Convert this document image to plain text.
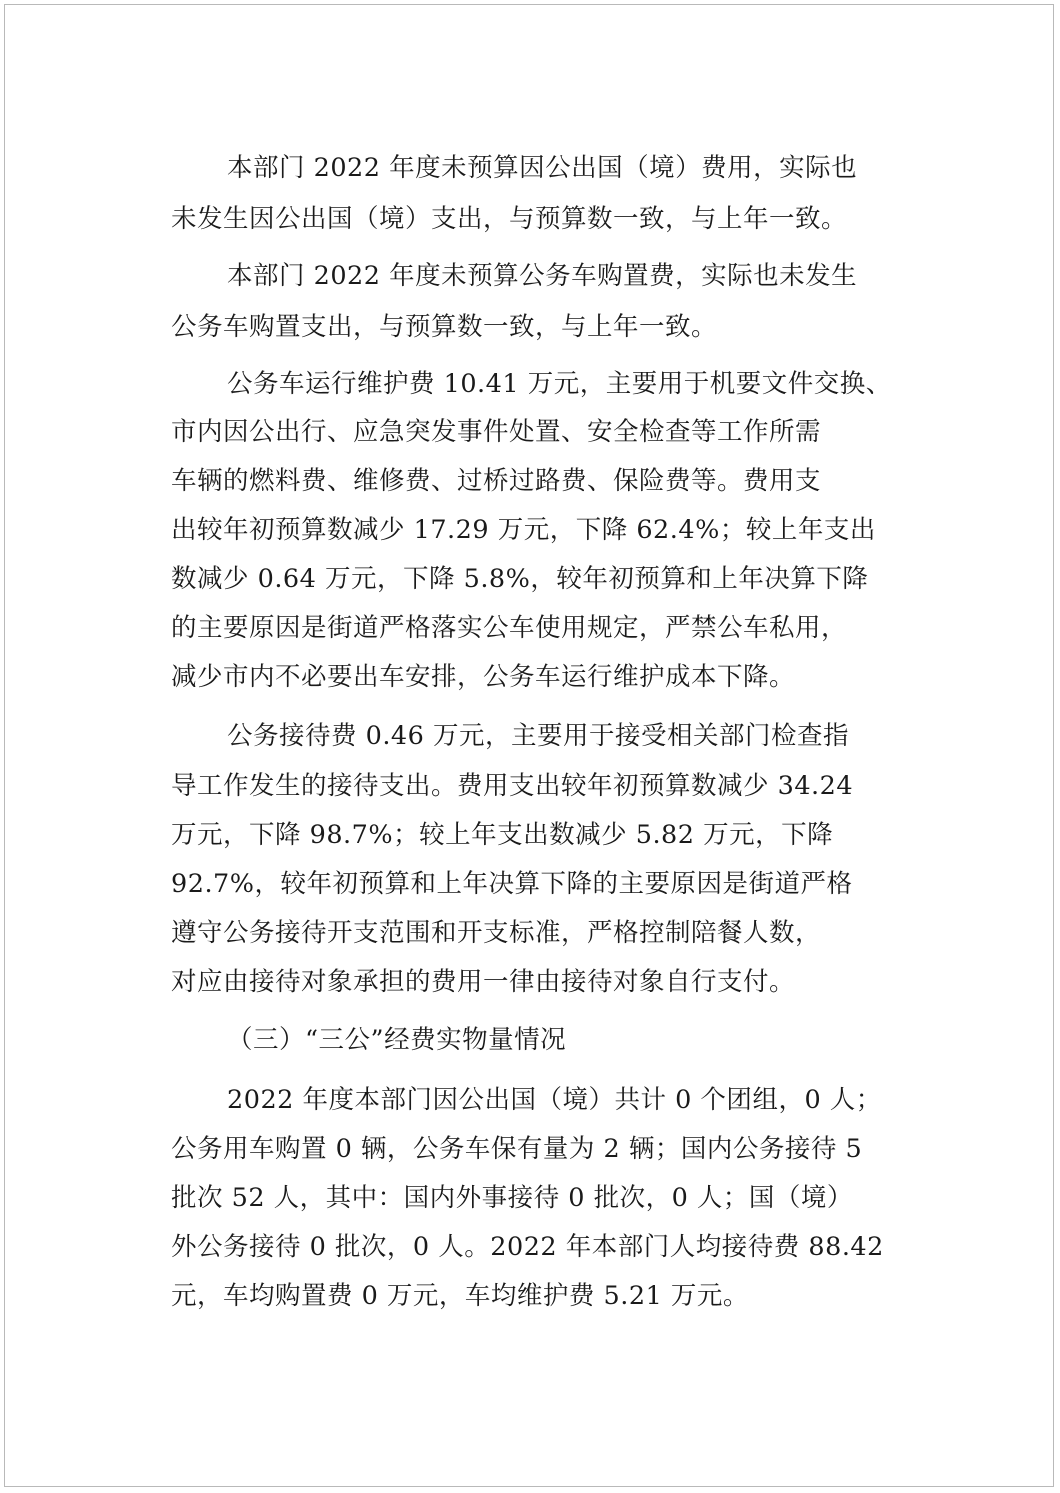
本部门 2022 年度未预算因公出国（境）费用，实际也
未发生因公出国（境）支出，与预算数一致，与上年一致。
本部门 2022 年度未预算公务车购置费，实际也未发生
公务车购置支出，与预算数一致，与上年一致。
公务车运行维护费 10.41 万元，主要用于机要文件交换、
市内因公出行、应急突发事件处置、安全检查等工作所需
车辆的燃料费、维修费、过桥过路费、保险费等。费用支
出较年初预算数减少 17.29 万元，下降 62.4%；较上年支出
数减少 0.64 万元，下降 5.8%，较年初预算和上年决算下降
的主要原因是街道严格落实公车使用规定，严禁公车私用，
减少市内不必要出车安排，公务车运行维护成本下降。
公务接待费 0.46 万元，主要用于接受相关部门检查指
导工作发生的接待支出。费用支出较年初预算数减少 34.24
万元，下降 98.7%；较上年支出数减少 5.82 万元，下降
92.7%，较年初预算和上年决算下降的主要原因是街道严格
遵守公务接待开支范围和开支标准，严格控制陪餐人数，
对应由接待对象承担的费用一律由接待对象自行支付。
（三）“三公”经费实物量情况
2022 年度本部门因公出国（境）共计 0 个团组，0 人；
公务用车购置 0 辆，公务车保有量为 2 辆；国内公务接待 5
批次 52 人，其中：国内外事接待 0 批次，0 人；国（境）
外公务接待 0 批次，0 人。2022 年本部门人均接待费 88.42
元，车均购置费 0 万元，车均维护费 5.21 万元。
